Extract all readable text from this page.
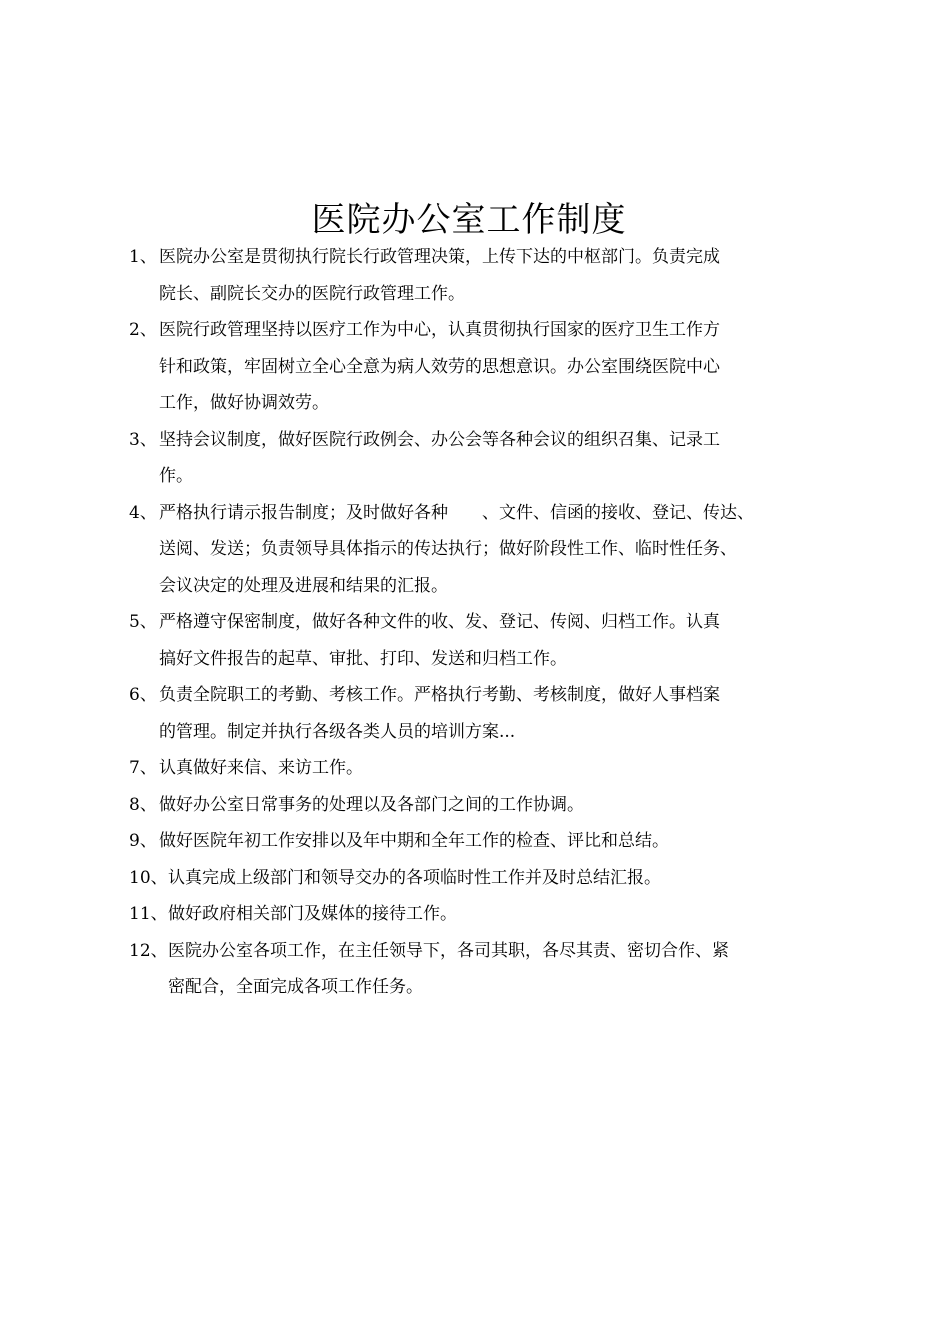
医院办公室工作制度
1、 医院办公室是贯彻执行院长行政管理决策，上传下达的中枢部门。负责完成
院长、副院长交办的医院行政管理工作。
2、 医院行政管理坚持以医疗工作为中心，认真贯彻执行国家的医疗卫生工作方
针和政策，牢固树立全心全意为病人效劳的思想意识。办公室围绕医院中心
工作，做好协调效劳。
3、 坚持会议制度，做好医院行政例会、办公会等各种会议的组织召集、记录工
作。
4、 严格执行请示报告制度；及时做好各种　　、文件、信函的接收、登记、传达、
送阅、发送；负责领导具体指示的传达执行；做好阶段性工作、临时性任务、
会议决定的处理及进展和结果的汇报。
5、 严格遵守保密制度，做好各种文件的收、发、登记、传阅、归档工作。认真
搞好文件报告的起草、审批、打印、发送和归档工作。
6、 负责全院职工的考勤、考核工作。严格执行考勤、考核制度，做好人事档案
的管理。制定并执行各级各类人员的培训方案...
7、 认真做好来信、来访工作。
8、 做好办公室日常事务的处理以及各部门之间的工作协调。
9、 做好医院年初工作安排以及年中期和全年工作的检查、评比和总结。
10、 认真完成上级部门和领导交办的各项临时性工作并及时总结汇报。
11、 做好政府相关部门及媒体的接待工作。
12、 医院办公室各项工作，在主任领导下，各司其职，各尽其责、密切合作、紧
密配合，全面完成各项工作任务。
